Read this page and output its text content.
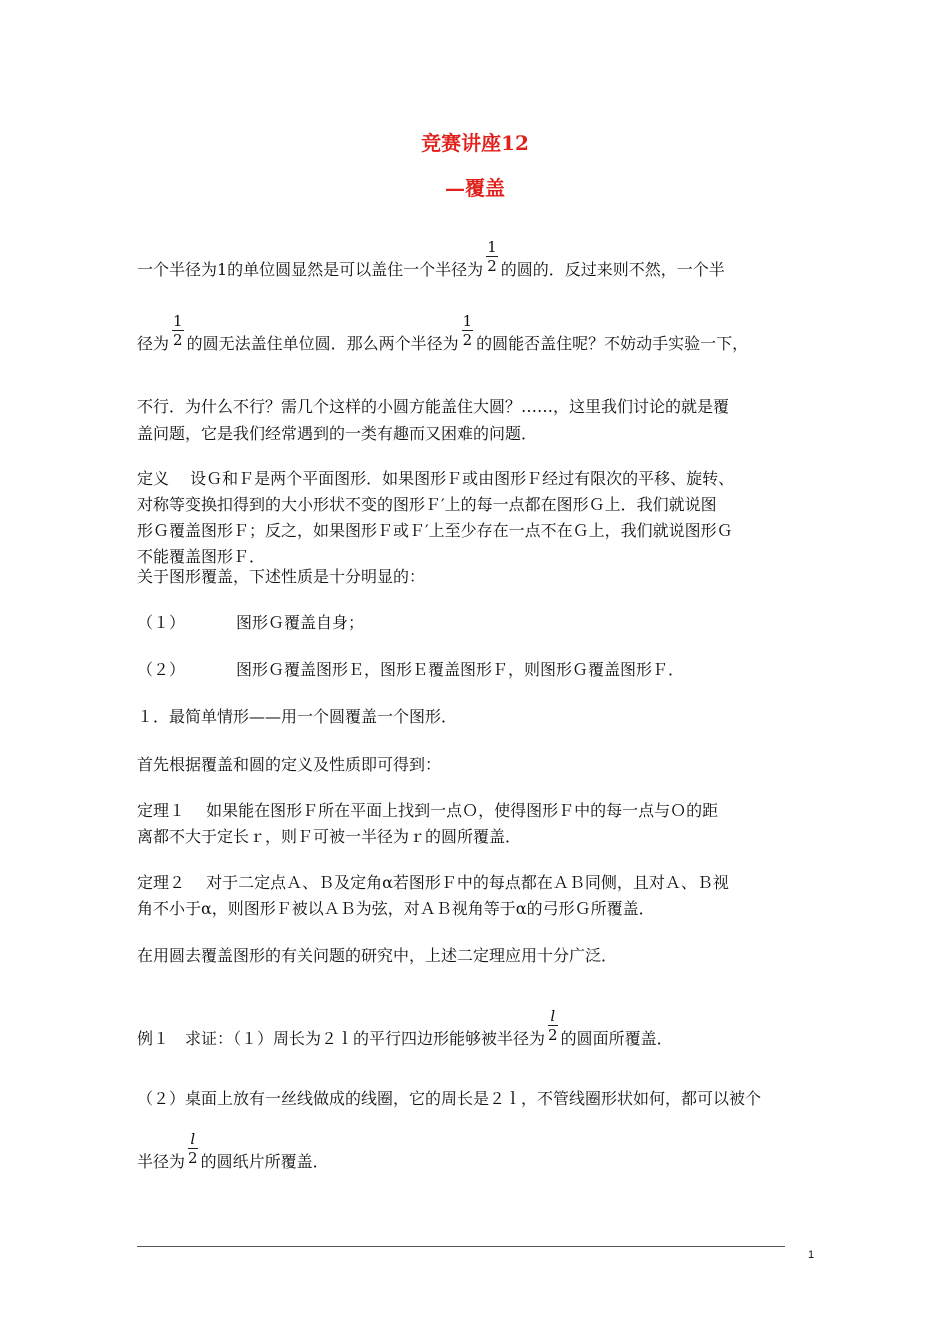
竞赛讲座12
—覆盖
一个半径为1的单位圆显然是可以盖住一个半径为 $\frac{1}{2}$ 的圆的．反过来则不然，一个半
径为 $\frac{1}{2}$ 的圆无法盖住单位圆．那么两个半径为 $\frac{1}{2}$ 的圆能否盖住呢？不妨动手实验一下，
不行．为什么不行？需几个这样的小圆方能盖住大圆？……，这里我们讨论的就是覆
盖问题，它是我们经常遇到的一类有趣而又困难的问题．
定义　 设Ｇ和Ｆ是两个平面图形．如果图形Ｆ或由图形Ｆ经过有限次的平移、旋转、
对称等变换扣得到的大小形状不变的图形Ｆ′上的每一点都在图形Ｇ上．我们就说图
形Ｇ覆盖图形Ｆ；反之，如果图形Ｆ或Ｆ′上至少存在一点不在Ｇ上，我们就说图形Ｇ
不能覆盖图形Ｆ．
关于图形覆盖，下述性质是十分明显的：
（１）	图形Ｇ覆盖自身；
（２）	图形Ｇ覆盖图形Ｅ，图形Ｅ覆盖图形Ｆ，则图形Ｇ覆盖图形Ｆ．
１．最简单情形——用一个圆覆盖一个图形．
首先根据覆盖和圆的定义及性质即可得到：
定理１　 如果能在图形Ｆ所在平面上找到一点Ｏ，使得图形Ｆ中的每一点与Ｏ的距
离都不大于定长ｒ，则Ｆ可被一半径为ｒ的圆所覆盖．
定理２　 对于二定点Ａ、Ｂ及定角α若图形Ｆ中的每点都在ＡＢ同侧，且对Ａ、Ｂ视
角不小于α，则图形Ｆ被以ＡＢ为弦，对ＡＢ视角等于α的弓形Ｇ所覆盖．
在用圆去覆盖图形的有关问题的研究中，上述二定理应用十分广泛．
例１　求证：（１）周长为２ｌ的平行四边形能够被半径为 $\frac{l}{2}$ 的圆面所覆盖．
（２）桌面上放有一丝线做成的线圈，它的周长是２ｌ，不管线圈形状如何，都可以被个
半径为 $\frac{l}{2}$ 的圆纸片所覆盖．
1
